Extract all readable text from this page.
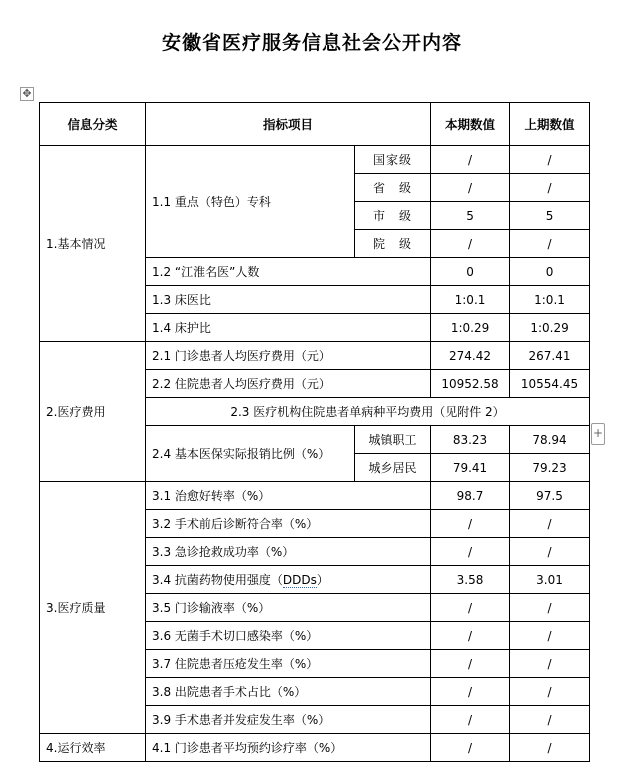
安徽省医疗服务信息社会公开内容
✥
+
信息分类	指标项目		本期数值	上期数值
1.基本情况	1.1 重点（特色）专科	国家级	/	/
		省　级	/	/
		市　级	5	5
		院　级	/	/
	1.2 “江淮名医”人数		0	0
	1.3 床医比		1:0.1	1:0.1
	1.4 床护比		1:0.29	1:0.29
2.医疗费用	2.1 门诊患者人均医疗费用（元）		274.42	267.41
	2.2 住院患者人均医疗费用（元）		10952.58	10554.45
	2.3 医疗机构住院患者单病种平均费用（见附件 2）			
	2.4 基本医保实际报销比例（%）	城镇职工	83.23	78.94
		城乡居民	79.41	79.23
3.医疗质量	3.1 治愈好转率（%）		98.7	97.5
	3.2 手术前后诊断符合率（%）		/	/
	3.3 急诊抢救成功率（%）		/	/
	3.4 抗菌药物使用强度（DDDs）		3.58	3.01
	3.5 门诊输液率（%）		/	/
	3.6 无菌手术切口感染率（%）		/	/
	3.7 住院患者压疮发生率（%）		/	/
	3.8 出院患者手术占比（%）		/	/
	3.9 手术患者并发症发生率（%）		/	/
4.运行效率	4.1 门诊患者平均预约诊疗率（%）		/	/
